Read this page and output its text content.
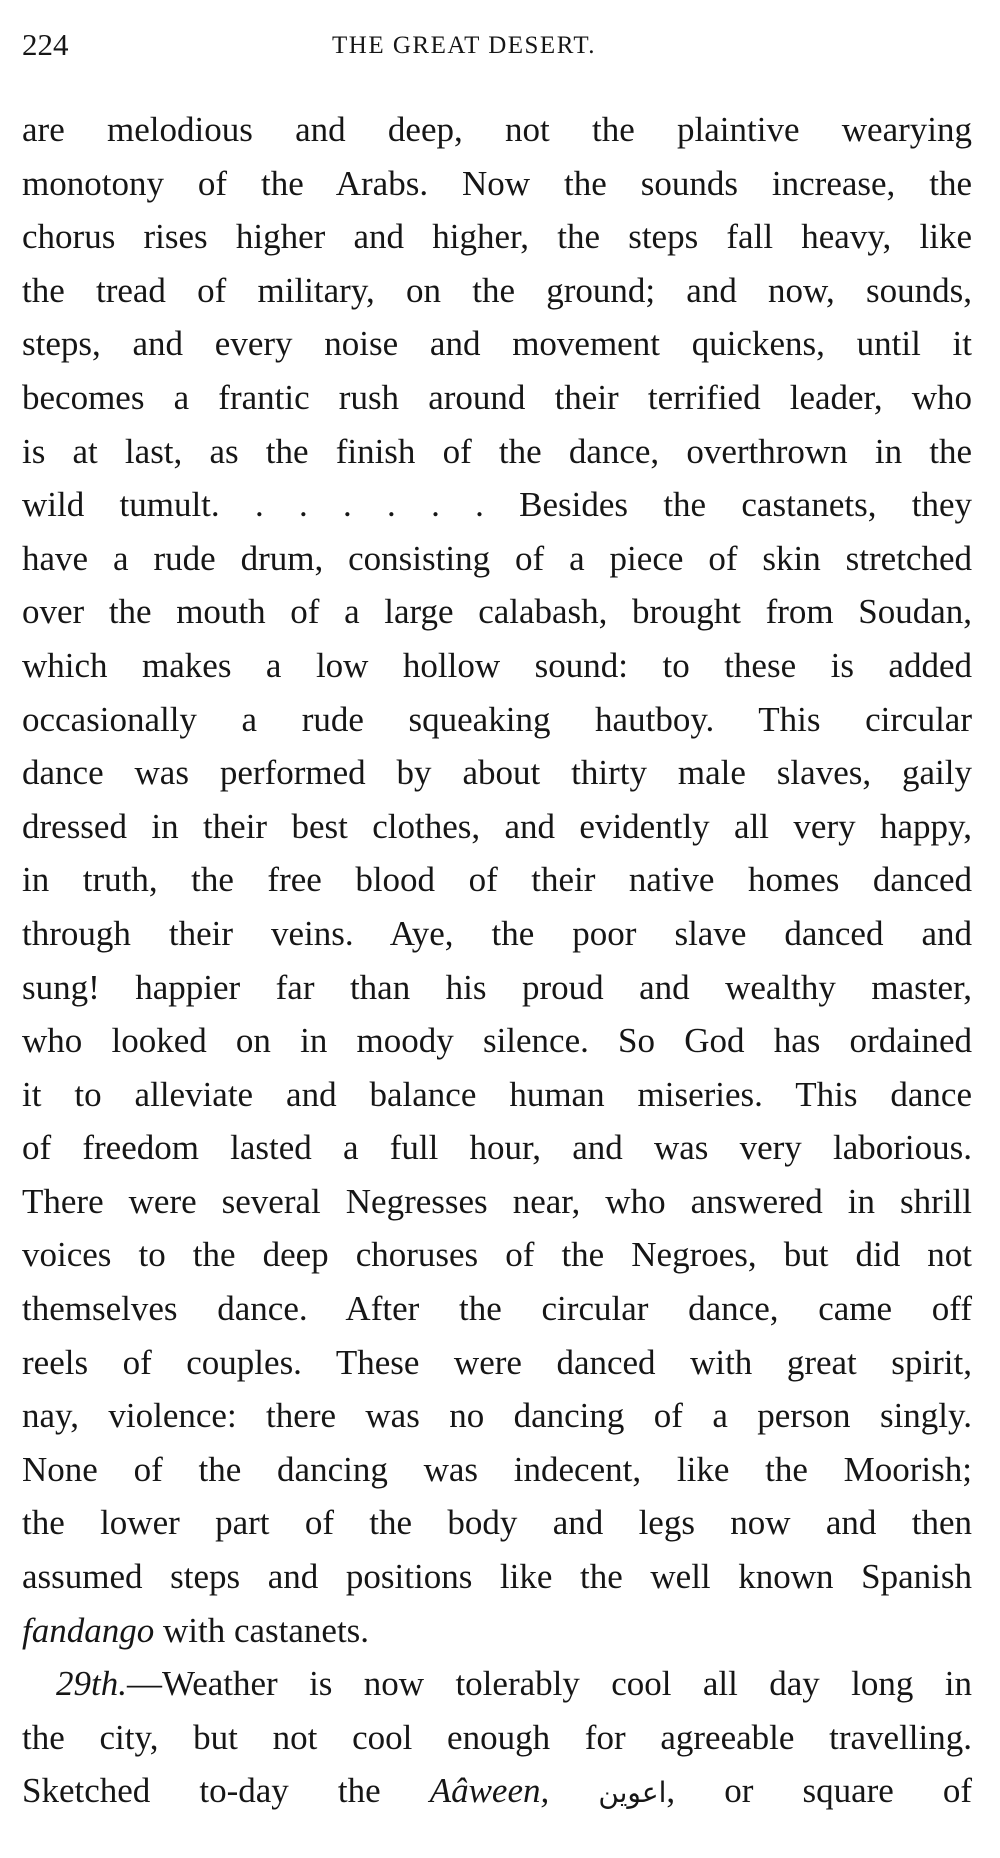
224	THE GREAT DESERT.
are melodious and deep, not the plaintive wearying
monotony of the Arabs. Now the sounds increase, the
chorus rises higher and higher, the steps fall heavy, like
the tread of military, on the ground; and now, sounds,
steps, and every noise and movement quickens, until it
becomes a frantic rush around their terrified leader, who
is at last, as the finish of the dance, overthrown in the
wild tumult. . . . . . . Besides the castanets, they
have a rude drum, consisting of a piece of skin stretched
over the mouth of a large calabash, brought from Soudan,
which makes a low hollow sound: to these is added
occasionally a rude squeaking hautboy. This circular
dance was performed by about thirty male slaves, gaily
dressed in their best clothes, and evidently all very happy,
in truth, the free blood of their native homes danced
through their veins. Aye, the poor slave danced and
sung! happier far than his proud and wealthy master,
who looked on in moody silence. So God has ordained
it to alleviate and balance human miseries. This dance
of freedom lasted a full hour, and was very laborious.
There were several Negresses near, who answered in shrill
voices to the deep choruses of the Negroes, but did not
themselves dance. After the circular dance, came off
reels of couples. These were danced with great spirit,
nay, violence: there was no dancing of a person singly.
None of the dancing was indecent, like the Moorish;
the lower part of the body and legs now and then
assumed steps and positions like the well known Spanish
fandango with castanets.
29th.—Weather is now tolerably cool all day long in
the city, but not cool enough for agreeable travelling.
Sketched to-day the Aâween, اعوين, or square of
